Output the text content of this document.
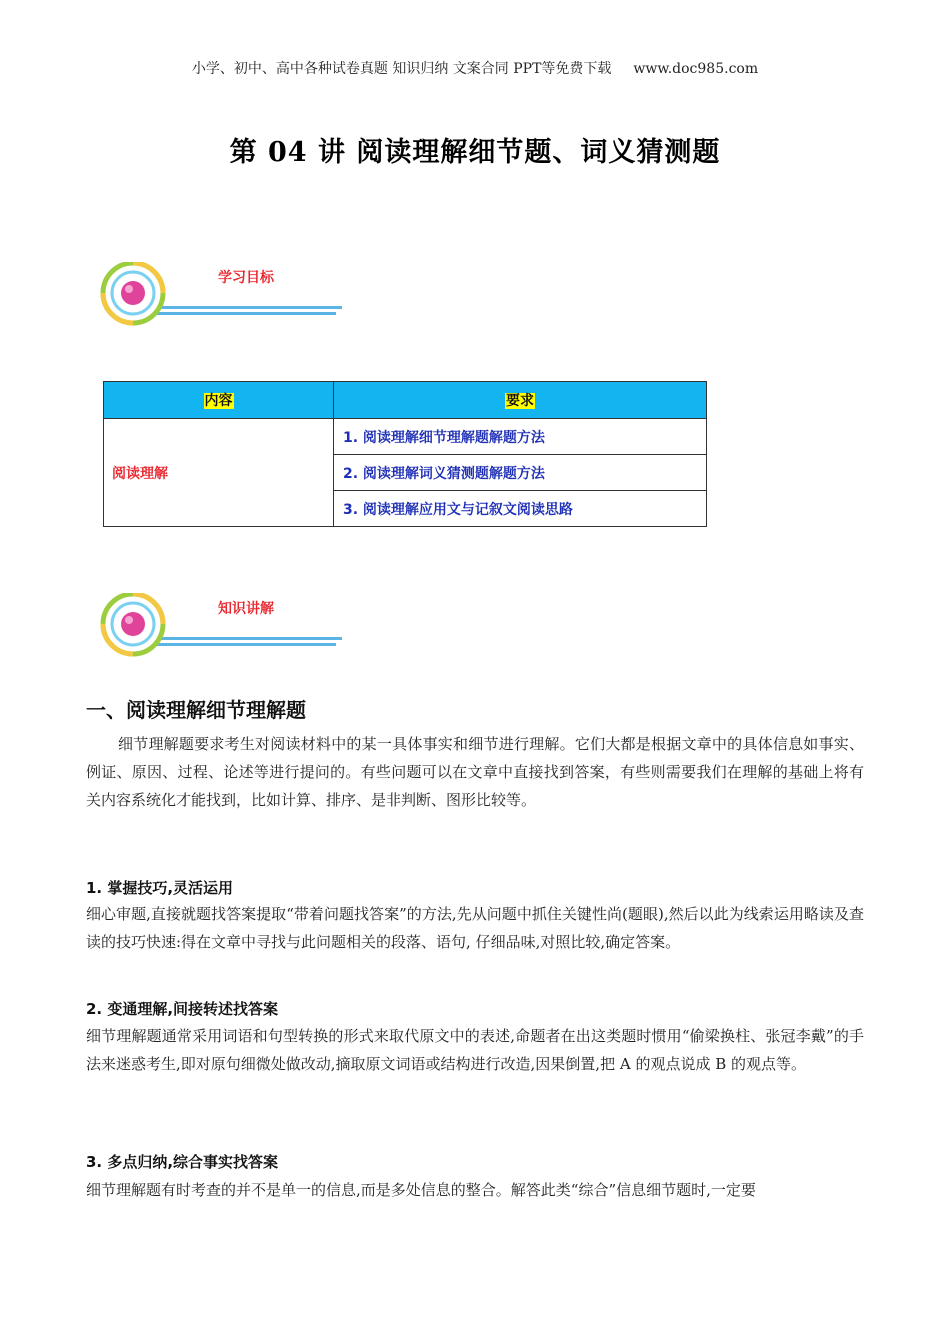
小学、初中、高中各种试卷真题 知识归纳 文案合同 PPT等免费下载 www.doc985.com
第 04 讲 阅读理解细节题、词义猜测题
学习目标
内容	要求
阅读理解	1. 阅读理解细节理解题解题方法
	2. 阅读理解词义猜测题解题方法
	3. 阅读理解应用文与记叙文阅读思路
知识讲解
一、阅读理解细节理解题
细节理解题要求考生对阅读材料中的某一具体事实和细节进行理解。它们大都是根据文章中的具体信息如事实、例证、原因、过程、论述等进行提问的。有些问题可以在文章中直接找到答案，有些则需要我们在理解的基础上将有关内容系统化才能找到，比如计算、排序、是非判断、图形比较等。
1. 掌握技巧,灵活运用
细心审题,直接就题找答案提取“带着问题找答案”的方法,先从问题中抓住关键性尚(题眼),然后以此为线索运用略读及查读的技巧快速:得在文章中寻找与此问题相关的段落、语句, 仔细品味,对照比较,确定答案。
2. 变通理解,间接转述找答案
细节理解题通常采用词语和句型转换的形式来取代原文中的表述,命题者在出这类题时惯用“偷梁换柱、张冠李戴”的手法来迷惑考生,即对原句细微处做改动,摘取原文词语或结构进行改造,因果倒置,把 A 的观点说成 B 的观点等。
3. 多点归纳,综合事实找答案
细节理解题有时考查的并不是单一的信息,而是多处信息的整合。解答此类“综合”信息细节题时,一定要
